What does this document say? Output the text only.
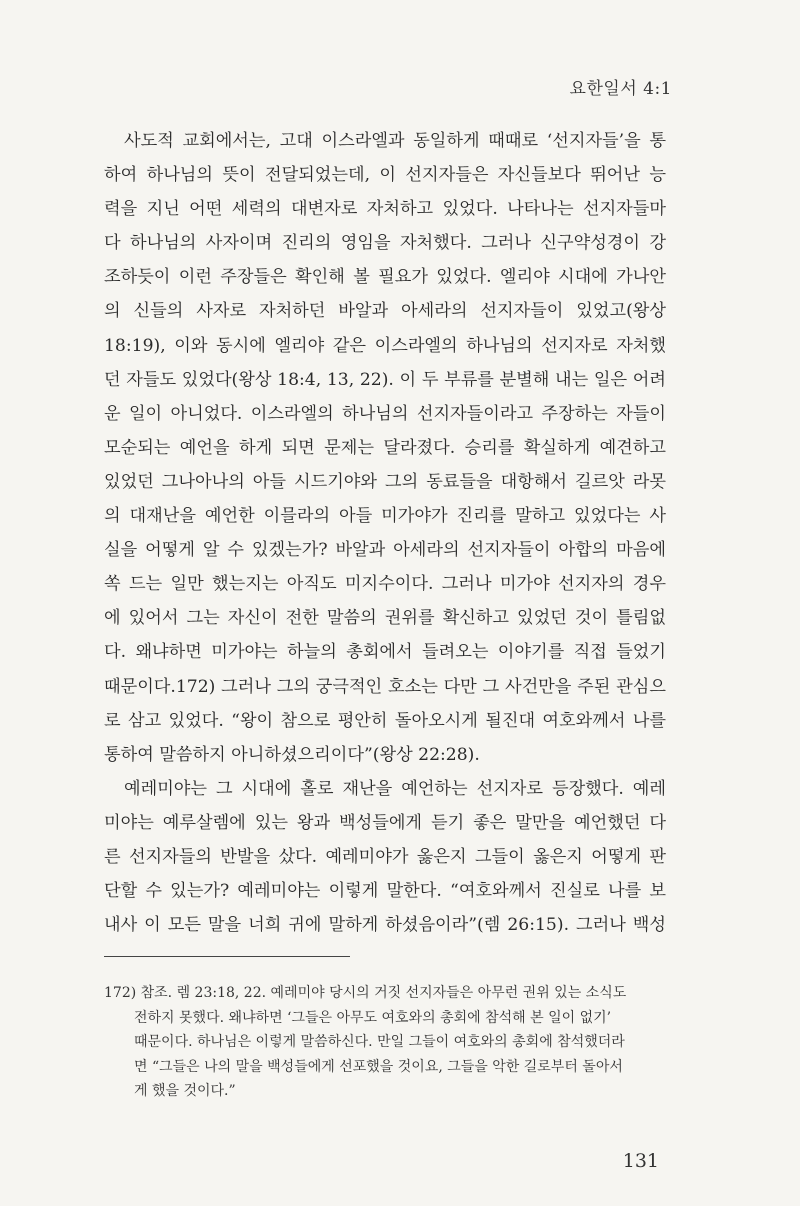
요한일서 4:1
사도적 교회에서는, 고대 이스라엘과 동일하게 때때로 ‘선지자들’을 통
하여 하나님의 뜻이 전달되었는데, 이 선지자들은 자신들보다 뛰어난 능
력을 지닌 어떤 세력의 대변자로 자처하고 있었다. 나타나는 선지자들마
다 하나님의 사자이며 진리의 영임을 자처했다. 그러나 신구약성경이 강
조하듯이 이런 주장들은 확인해 볼 필요가 있었다. 엘리야 시대에 가나안
의 신들의 사자로 자처하던 바알과 아세라의 선지자들이 있었고(왕상
18:19), 이와 동시에 엘리야 같은 이스라엘의 하나님의 선지자로 자처했
던 자들도 있었다(왕상 18:4, 13, 22). 이 두 부류를 분별해 내는 일은 어려
운 일이 아니었다. 이스라엘의 하나님의 선지자들이라고 주장하는 자들이
모순되는 예언을 하게 되면 문제는 달라졌다. 승리를 확실하게 예견하고
있었던 그나아나의 아들 시드기야와 그의 동료들을 대항해서 길르앗 라못
의 대재난을 예언한 이믈라의 아들 미가야가 진리를 말하고 있었다는 사
실을 어떻게 알 수 있겠는가? 바알과 아세라의 선지자들이 아합의 마음에
쏙 드는 일만 했는지는 아직도 미지수이다. 그러나 미가야 선지자의 경우
에 있어서 그는 자신이 전한 말씀의 권위를 확신하고 있었던 것이 틀림없
다. 왜냐하면 미가야는 하늘의 총회에서 들려오는 이야기를 직접 들었기
때문이다.172) 그러나 그의 궁극적인 호소는 다만 그 사건만을 주된 관심으
로 삼고 있었다. “왕이 참으로 평안히 돌아오시게 될진대 여호와께서 나를
통하여 말씀하지 아니하셨으리이다”(왕상 22:28).
예레미야는 그 시대에 홀로 재난을 예언하는 선지자로 등장했다. 예레
미야는 예루살렘에 있는 왕과 백성들에게 듣기 좋은 말만을 예언했던 다
른 선지자들의 반발을 샀다. 예레미야가 옳은지 그들이 옳은지 어떻게 판
단할 수 있는가? 예레미야는 이렇게 말한다. “여호와께서 진실로 나를 보
내사 이 모든 말을 너희 귀에 말하게 하셨음이라”(렘 26:15). 그러나 백성
172) 참조. 렘 23:18, 22. 예레미야 당시의 거짓 선지자들은 아무런 권위 있는 소식도
전하지 못했다. 왜냐하면 ‘그들은 아무도 여호와의 총회에 참석해 본 일이 없기’
때문이다. 하나님은 이렇게 말씀하신다. 만일 그들이 여호와의 총회에 참석했더라
면 “그들은 나의 말을 백성들에게 선포했을 것이요, 그들을 악한 길로부터 돌아서
게 했을 것이다.”
131
